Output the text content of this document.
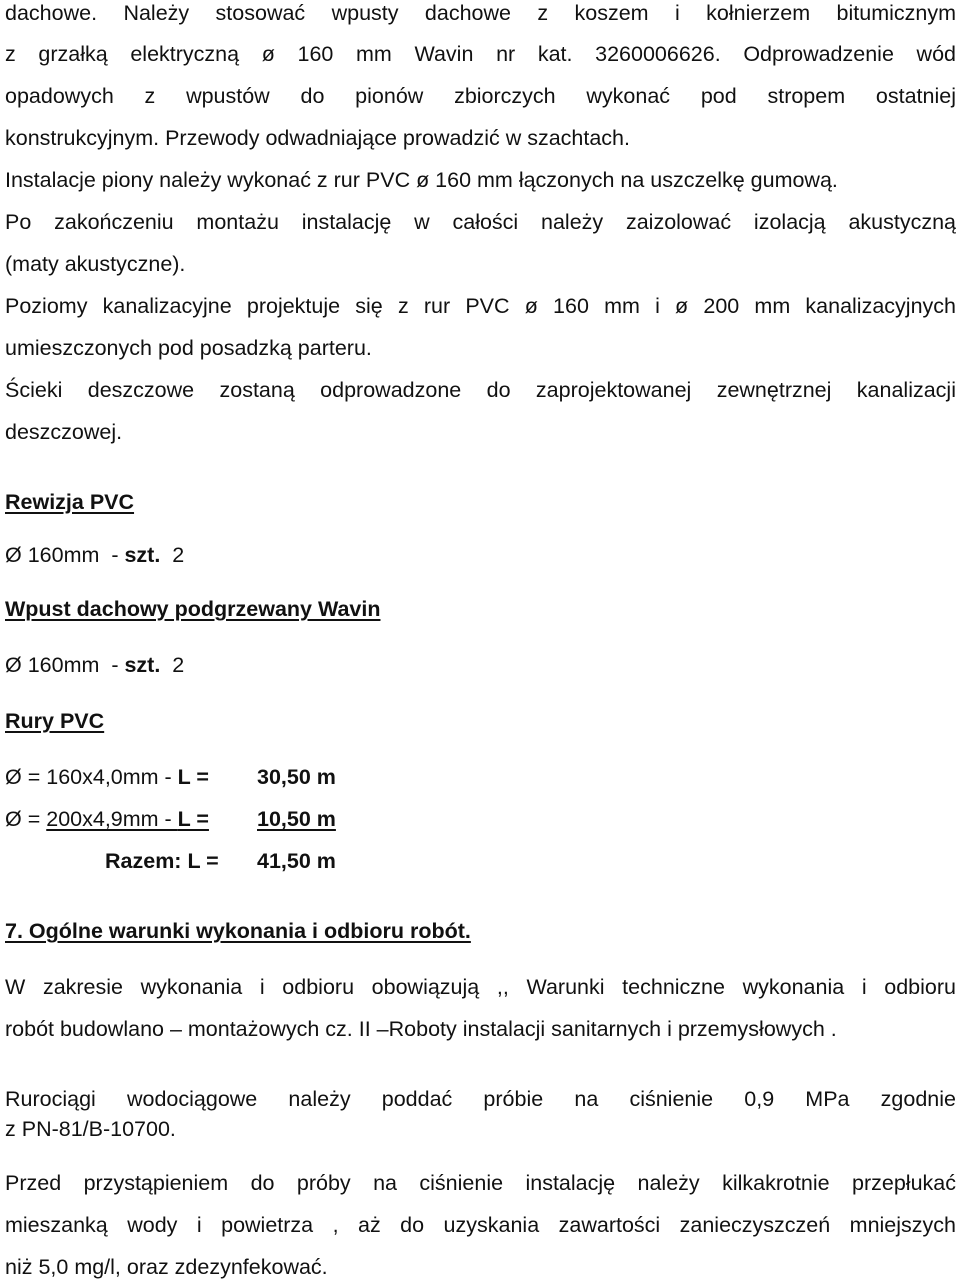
dachowe. Należy stosować wpusty dachowe z koszem i kołnierzem bitumicznym
z grzałką elektryczną ø 160 mm Wavin nr kat. 3260006626. Odprowadzenie wód
opadowych z wpustów do pionów zbiorczych wykonać pod stropem ostatniej
konstrukcyjnym. Przewody odwadniające prowadzić w szachtach.
Instalacje piony należy wykonać z rur PVC ø 160 mm łączonych na uszczelkę gumową.
Po zakończeniu montażu instalację w całości należy zaizolować izolacją akustyczną
(maty akustyczne).
Poziomy kanalizacyjne projektuje się z rur PVC ø 160 mm i ø 200 mm kanalizacyjnych
umieszczonych pod posadzką parteru.
Ścieki deszczowe zostaną odprowadzone do zaprojektowanej zewnętrznej kanalizacji
deszczowej.
Rewizja PVC
Ø 160mm  - szt.  2
Wpust dachowy podgrzewany Wavin
Ø 160mm  - szt.  2
Rury PVC
Ø = 160x4,0mm - L = 30,50 m
Ø = 200x4,9mm - L = 10,50 m
Razem: L = 41,50 m
7. Ogólne warunki wykonania i odbioru robót.
W zakresie wykonania i odbioru obowiązują ,, Warunki techniczne wykonania i odbioru
robót budowlano – montażowych cz. II –Roboty instalacji sanitarnych i przemysłowych .
Rurociągi wodociągowe należy poddać próbie na ciśnienie 0,9 MPa zgodnie
z PN-81/B-10700.
Przed przystąpieniem do próby na ciśnienie instalację należy kilkakrotnie przepłukać
mieszanką wody i powietrza , aż do uzyskania zawartości zanieczyszczeń mniejszych
niż 5,0 mg/l, oraz zdezynfekować.
